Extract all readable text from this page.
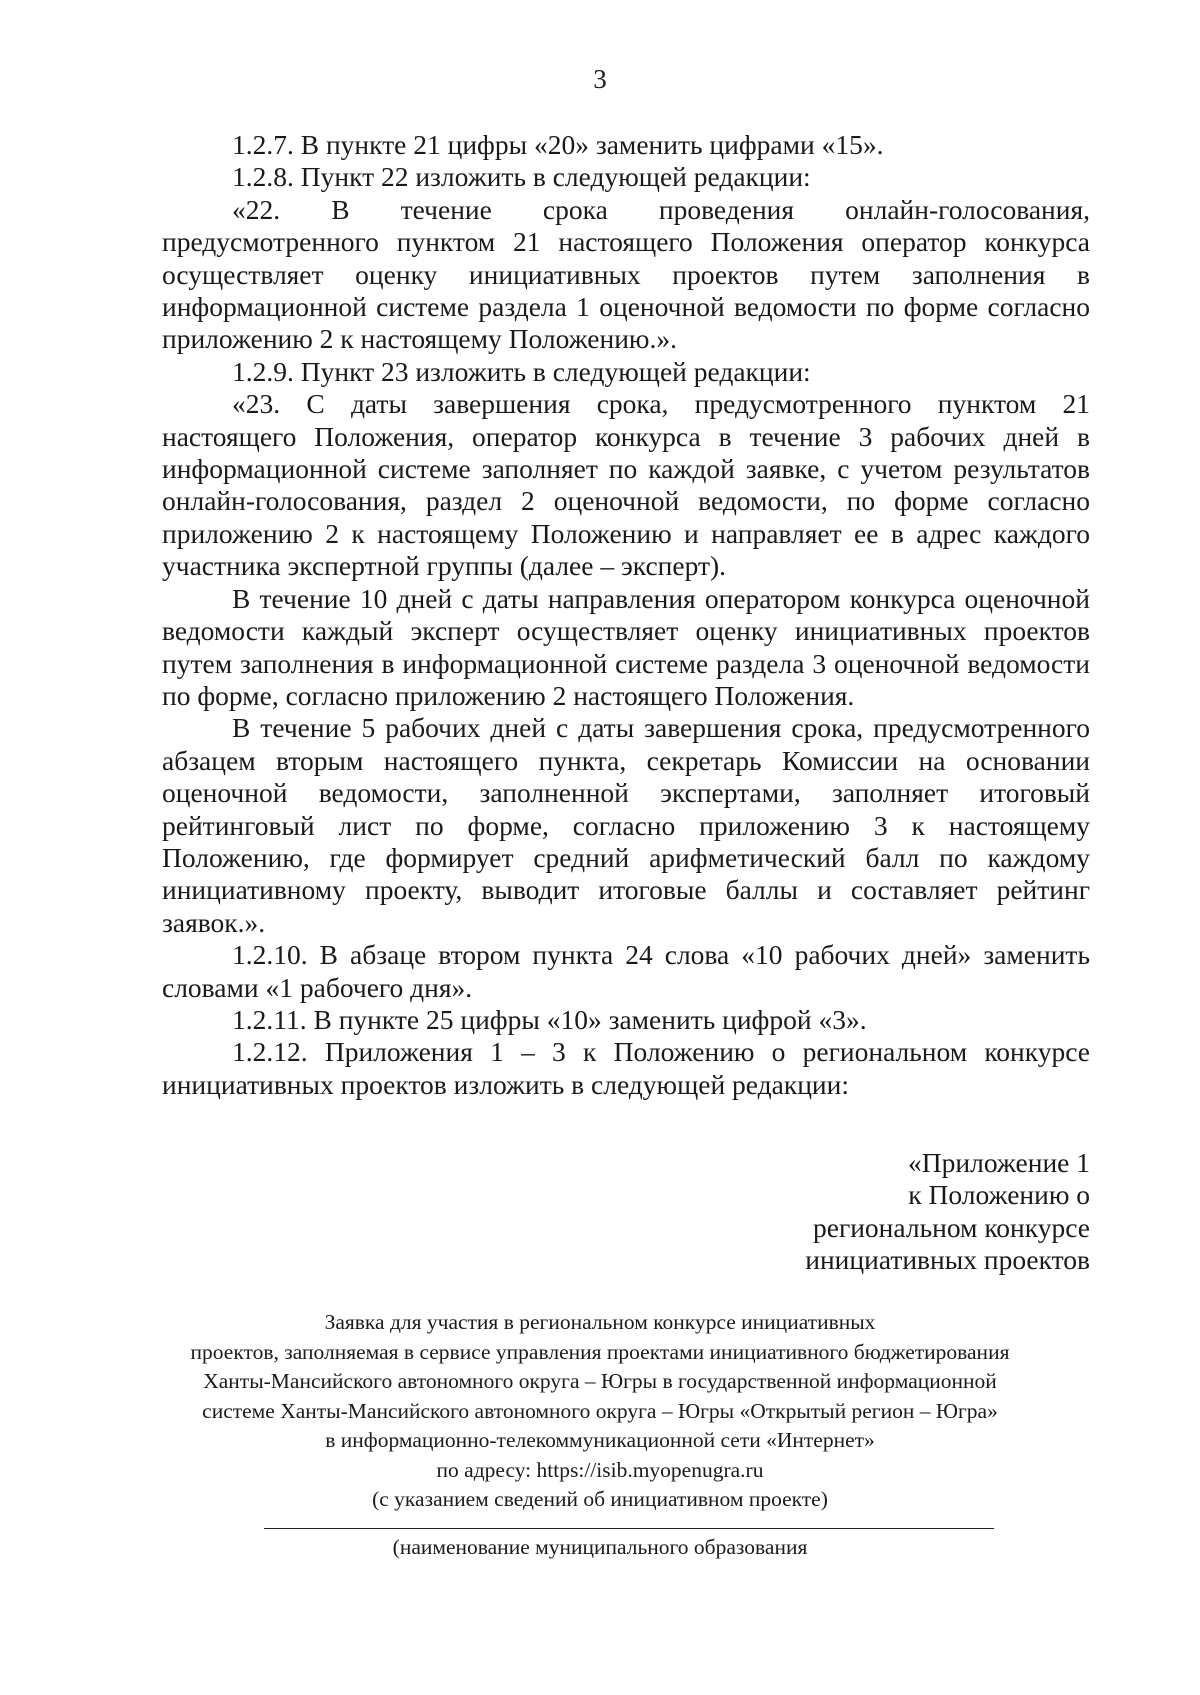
3

1.2.7. В пункте 21 цифры «20» заменить цифрами «15».

1.2.8. Пункт 22 изложить в следующей редакции:

«22. В течение срока проведения онлайн-голосования, предусмотренного пунктом 21 настоящего Положения оператор конкурса осуществляет оценку инициативных проектов путем заполнения в информационной системе раздела 1 оценочной ведомости по форме согласно приложению 2 к настоящему Положению.».

1.2.9. Пункт 23 изложить в следующей редакции:

«23. С даты завершения срока, предусмотренного пунктом 21 настоящего Положения, оператор конкурса в течение 3 рабочих дней в информационной системе заполняет по каждой заявке, с учетом результатов онлайн-голосования, раздел 2 оценочной ведомости, по форме согласно приложению 2 к настоящему Положению и направляет ее в адрес каждого участника экспертной группы (далее – эксперт).

В течение 10 дней с даты направления оператором конкурса оценочной ведомости каждый эксперт осуществляет оценку инициативных проектов путем заполнения в информационной системе раздела 3 оценочной ведомости по форме, согласно приложению 2 настоящего Положения.

В течение 5 рабочих дней с даты завершения срока, предусмотренного абзацем вторым настоящего пункта, секретарь Комиссии на основании оценочной ведомости, заполненной экспертами, заполняет итоговый рейтинговый лист по форме, согласно приложению 3 к настоящему Положению, где формирует средний арифметический балл по каждому инициативному проекту, выводит итоговые баллы и составляет рейтинг заявок.».

1.2.10. В абзаце втором пункта 24 слова «10 рабочих дней» заменить словами «1 рабочего дня».

1.2.11. В пункте 25 цифры «10» заменить цифрой «3».

1.2.12. Приложения 1 – 3 к Положению о региональном конкурсе инициативных проектов изложить в следующей редакции:

«Приложение 1
к Положению о
региональном конкурсе
инициативных проектов
Заявка для участия в региональном конкурсе инициативных
проектов, заполняемая в сервисе управления проектами инициативного бюджетирования
Ханты-Мансийского автономного округа – Югры в государственной информационной
системе Ханты-Мансийского автономного округа – Югры «Открытый регион – Югра»
в информационно-телекоммуникационной сети «Интернет»
по адресу: https://isib.myopenugra.ru
(с указанием сведений об инициативном проекте)
(наименование муниципального образования
